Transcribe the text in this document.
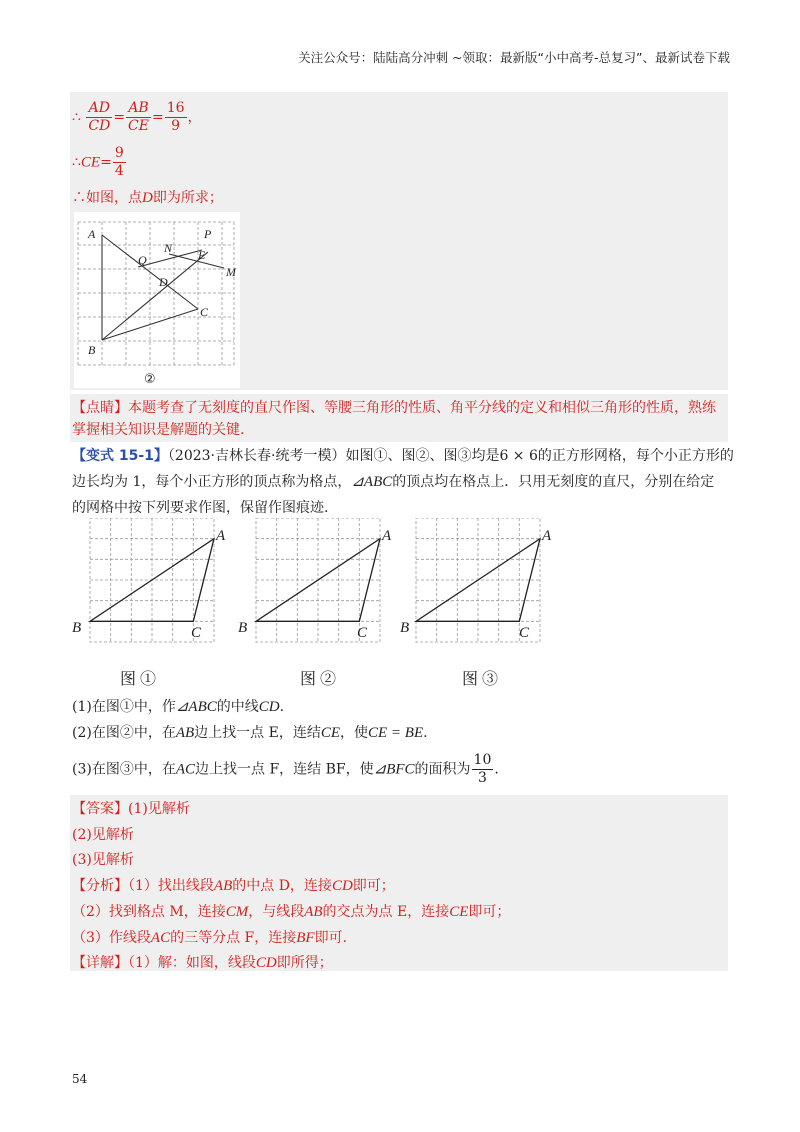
关注公众号：陆陆高分冲刺 ~领取：最新版“小中高考-总复习”、最新试卷下载
∴ $\frac{AD}{CD} = \frac{AB}{CE} = \frac{16}{9}$ ，
∴CE= $\frac{9}{4}$
∴如图，点D即为所求；
A
B
C
D
E
M
N
P
Q
②
【点睛】本题考查了无刻度的直尺作图、等腰三角形的性质、角平分线的定义和相似三角形的性质，熟练
掌握相关知识是解题的关键.
【变式 15-1】（2023·吉林长春·统考一模）如图①、图②、图③均是6 × 6的正方形网格，每个小正方形的
边长均为 1，每个小正方形的顶点称为格点，⊿ABC的顶点均在格点上．只用无刻度的直尺，分别在给定
的网格中按下列要求作图，保留作图痕迹.
A
B	C
A
B	C
A
B	C
图 ①	图 ②	图 ③
(1)在图①中，作⊿ABC的中线CD.
(2)在图②中，在AB边上找一点 E，连结CE，使CE = BE.
(3)在图③中，在AC边上找一点 F，连结 BF，使⊿BFC的面积为 $\frac{10}{3}$ .
【答案】(1)见解析
(2)见解析
(3)见解析
【分析】（1）找出线段AB的中点 D，连接CD即可；
（2）找到格点 M，连接CM，与线段AB的交点为点 E，连接CE即可；
（3）作线段AC的三等分点 F，连接BF即可.
【详解】（1）解：如图，线段CD即所得；
54
